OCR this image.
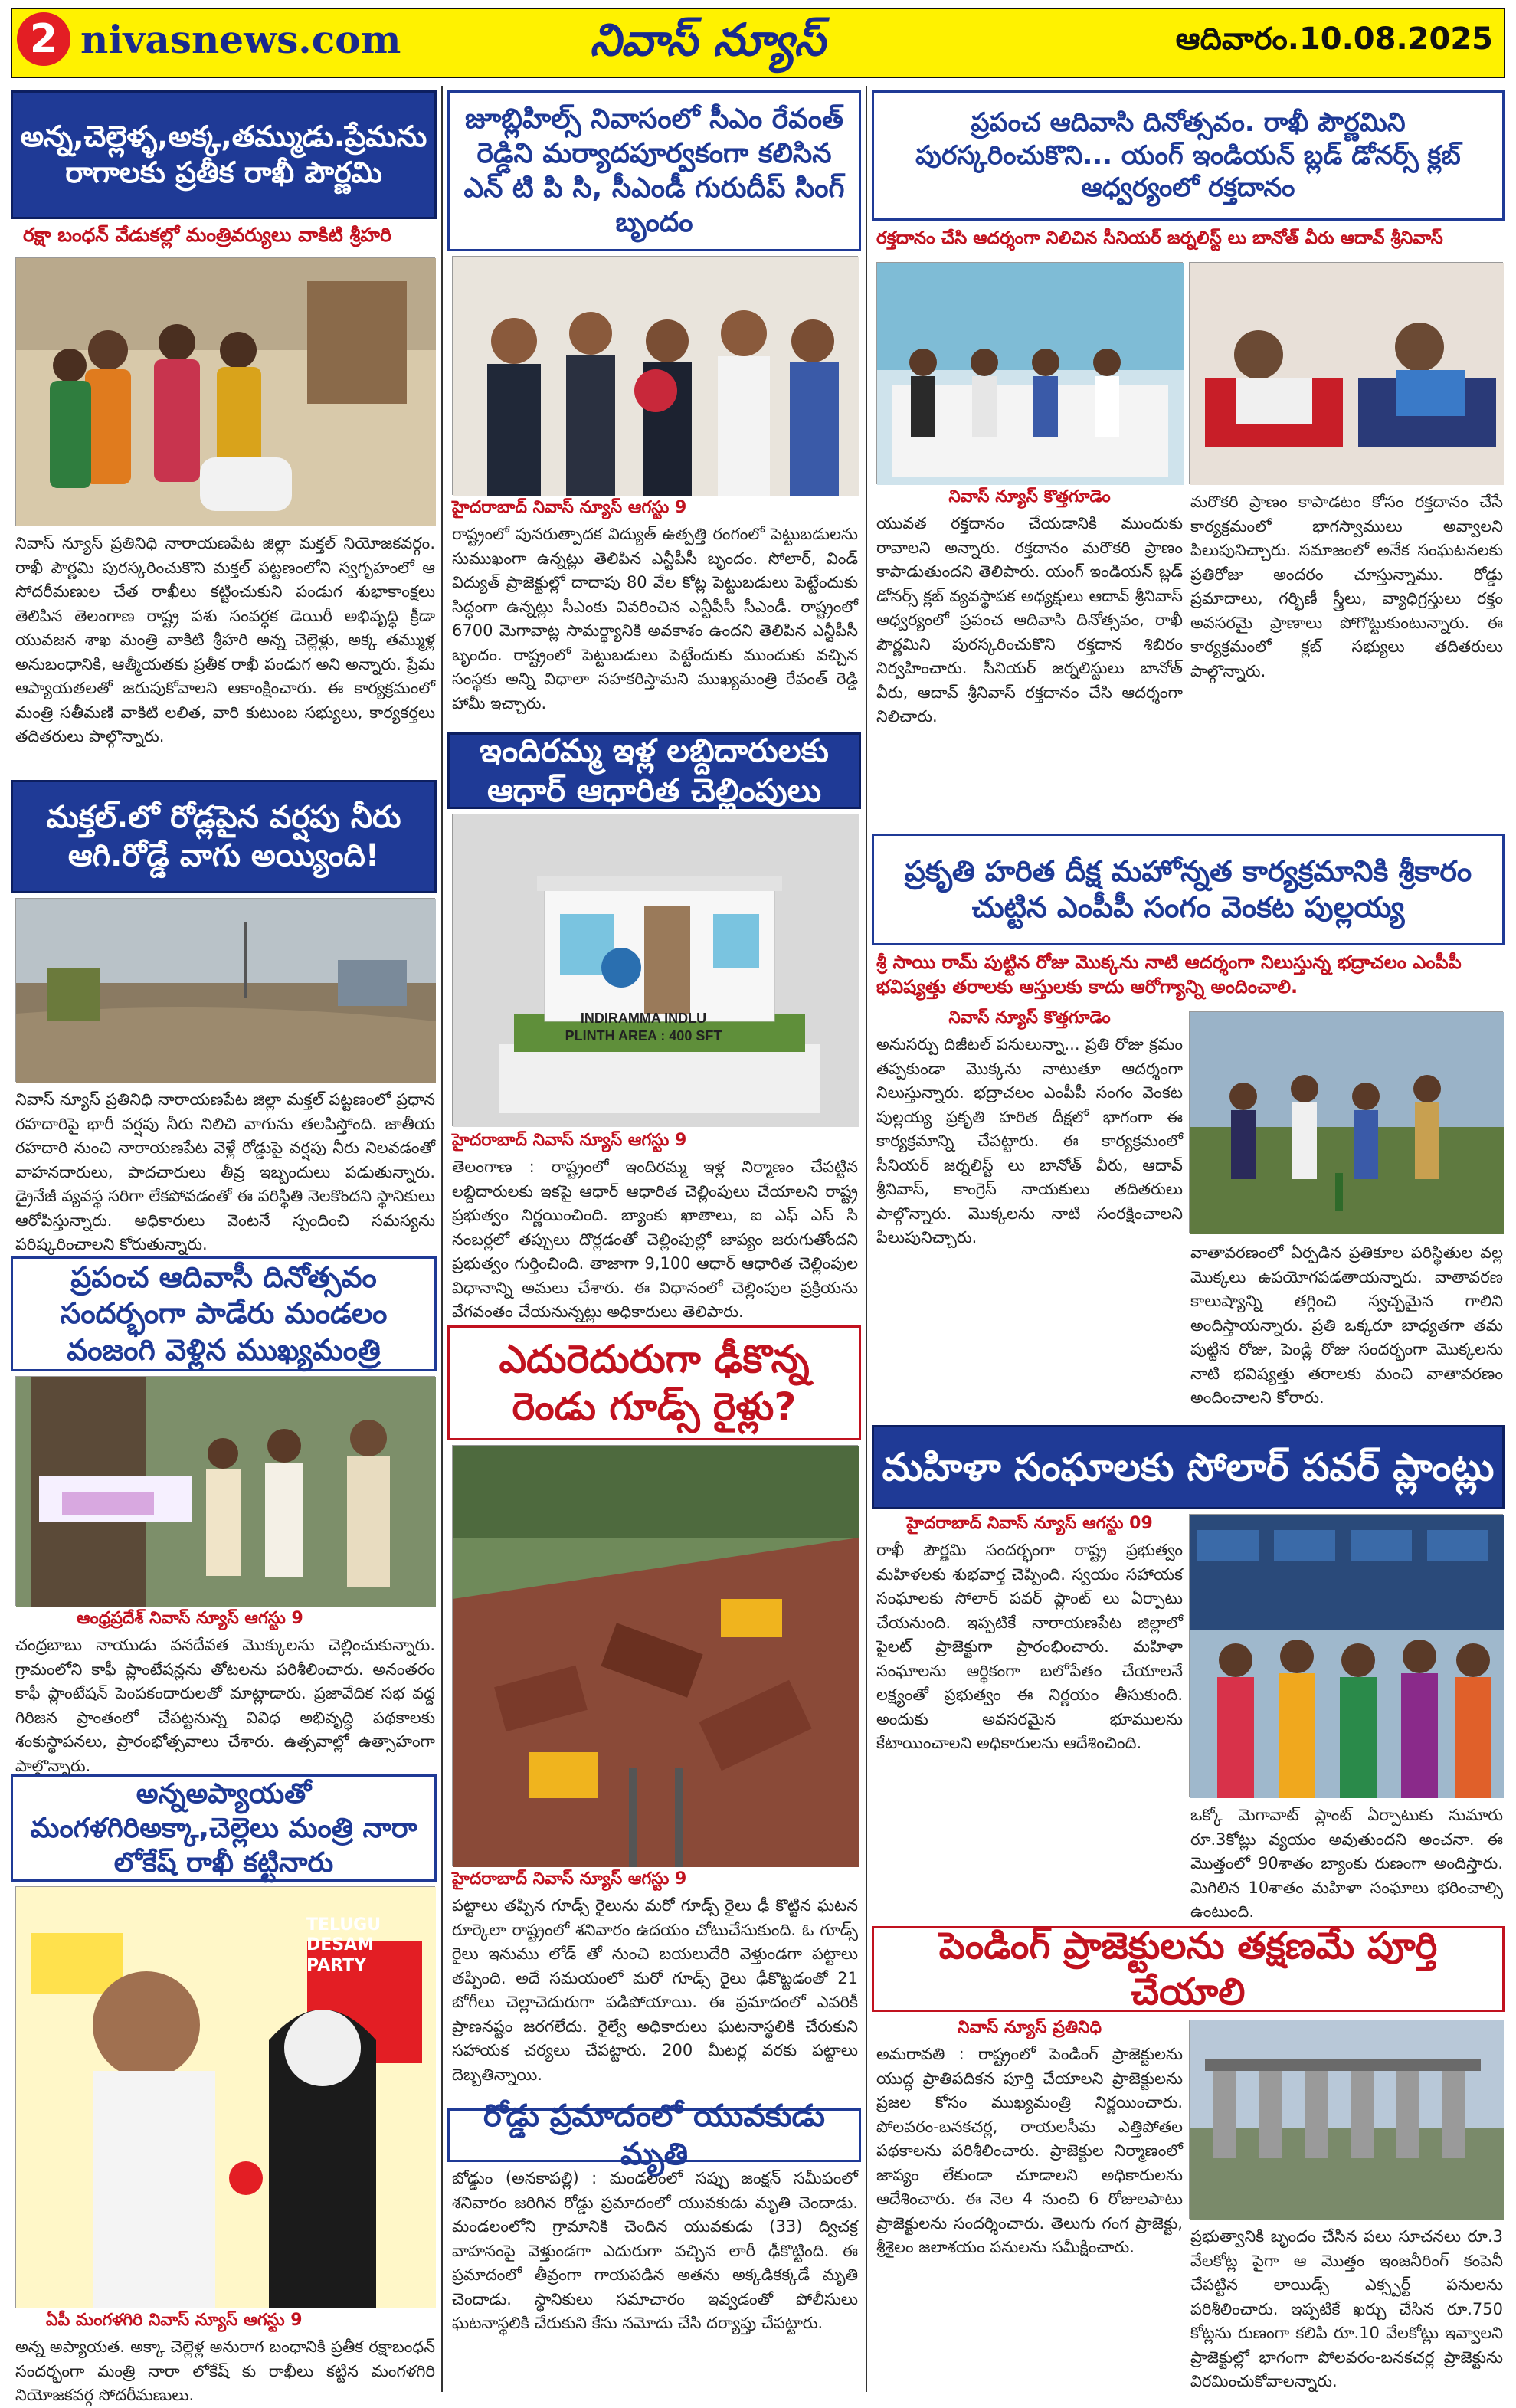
2 nivasnews.com	నివాస్ న్యూస్	ఆదివారం.10.08.2025
అన్న,చెల్లెళ్ళ,అక్క,తమ్ముడు.ప్రేమను రాగాలకు ప్రతీక రాఖీ పౌర్ణమి
రక్షా బంధన్ వేడుకల్లో మంత్రివర్యులు వాకిటి శ్రీహరి
నివాస్ న్యూస్ ప్రతినిధి నారాయణపేట జిల్లా మక్తల్ నియోజకవర్గం. రాఖీ పౌర్ణమి పురస్కరించుకొని మక్తల్ పట్టణంలోని స్వగృహంలో ఆ సోదరీమణుల చేత రాఖీలు కట్టించుకుని పండుగ శుభాకాంక్షలు తెలిపిన తెలంగాణ రాష్ట్ర పశు సంవర్ధక డెయిరీ అభివృద్ధి క్రీడా యువజన శాఖ మంత్రి వాకిటి శ్రీహరి అన్న చెల్లెళ్లు, అక్క తమ్ముళ్ల అనుబంధానికి, ఆత్మీయతకు ప్రతీక రాఖీ పండుగ అని అన్నారు. ప్రేమ ఆప్యాయతలతో జరుపుకోవాలని ఆకాంక్షించారు. ఈ కార్యక్రమంలో మంత్రి సతీమణి వాకిటి లలిత, వారి కుటుంబ సభ్యులు, కార్యకర్తలు తదితరులు పాల్గొన్నారు.
మక్తల్.లో రోడ్లపైన వర్షపు నీరు ఆగి.రోడ్డే వాగు అయ్యింది!
నివాస్ న్యూస్ ప్రతినిధి నారాయణపేట జిల్లా మక్తల్ పట్టణంలో ప్రధాన రహదారిపై భారీ వర్షపు నీరు నిలిచి వాగును తలపిస్తోంది. జాతీయ రహదారి నుంచి నారాయణపేట వెళ్లే రోడ్డుపై వర్షపు నీరు నిలవడంతో వాహనదారులు, పాదచారులు తీవ్ర ఇబ్బందులు పడుతున్నారు. డ్రైనేజీ వ్యవస్థ సరిగా లేకపోవడంతో ఈ పరిస్థితి నెలకొందని స్థానికులు ఆరోపిస్తున్నారు. అధికారులు వెంటనే స్పందించి సమస్యను పరిష్కరించాలని కోరుతున్నారు.
ప్రపంచ ఆదివాసీ దినోత్సవం సందర్భంగా పాడేరు మండలం వంజంగి వెళ్లిన ముఖ్యమంత్రి
ఆంధ్రప్రదేశ్ నివాస్ న్యూస్ ఆగస్టు 9
చంద్రబాబు నాయుడు వనదేవత మొక్కులను చెల్లించుకున్నారు. గ్రామంలోని కాఫీ ప్లాంటేషన్లను తోటలను పరిశీలించారు. అనంతరం కాఫీ ప్లాంటేషన్ పెంపకందారులతో మాట్లాడారు. ప్రజావేదిక సభ వద్ద గిరిజన ప్రాంతంలో చేపట్టనున్న వివిధ అభివృద్ధి పథకాలకు శంకుస్థాపనలు, ప్రారంభోత్సవాలు చేశారు. ఉత్సవాల్లో ఉత్సాహంగా పాల్గొన్నారు.
అన్నఅప్యాయతో మంగళగిరిఅక్కా,చెల్లెలు మంత్రి నారా లోకేష్ రాఖీ కట్టినారు
TELUGU DESAM PARTY
ఏపీ మంగళగిరి నివాస్ న్యూస్ ఆగస్టు 9
అన్న అప్యాయత. అక్కా చెల్లెళ్ల అనురాగ బంధానికి ప్రతీక రక్షాబంధన్ సందర్భంగా మంత్రి నారా లోకేష్ కు రాఖీలు కట్టిన మంగళగిరి నియోజకవర్గ సోదరీమణులు.
జూబ్లిహిల్స్ నివాసంలో సీఎం రేవంత్ రెడ్డిని మర్యాదపూర్వకంగా కలిసిన ఎన్ టి పి సి, సీఎండీ గురుదీప్ సింగ్ బృందం
హైదరాబాద్ నివాస్ న్యూస్ ఆగస్టు 9
రాష్ట్రంలో పునరుత్పాదక విద్యుత్ ఉత్పత్తి రంగంలో పెట్టుబడులను సుముఖంగా ఉన్నట్లు తెలిపిన ఎన్టీపీసీ బృందం. సోలార్, విండ్ విద్యుత్ ప్రాజెక్టుల్లో దాదాపు 80 వేల కోట్ల పెట్టుబడులు పెట్టేందుకు సిద్ధంగా ఉన్నట్లు సీఎంకు వివరించిన ఎన్టీపీసీ సీఎండీ. రాష్ట్రంలో 6700 మెగావాట్ల సామర్థ్యానికి అవకాశం ఉందని తెలిపిన ఎన్టీపీసీ బృందం. రాష్ట్రంలో పెట్టుబడులు పెట్టేందుకు ముందుకు వచ్చిన సంస్థకు అన్ని విధాలా సహకరిస్తామని ముఖ్యమంత్రి రేవంత్ రెడ్డి హామీ ఇచ్చారు.
ఇందిరమ్మ ఇళ్ల లబ్దిదారులకు ఆధార్ ఆధారిత చెల్లింపులు
INDIRAMMA INDLU
PLINTH AREA : 400 SFT
హైదరాబాద్ నివాస్ న్యూస్ ఆగస్టు 9
తెలంగాణ : రాష్ట్రంలో ఇందిరమ్మ ఇళ్ల నిర్మాణం చేపట్టిన లబ్దిదారులకు ఇకపై ఆధార్ ఆధారిత చెల్లింపులు చేయాలని రాష్ట్ర ప్రభుత్వం నిర్ణయించింది. బ్యాంకు ఖాతాలు, ఐ ఎఫ్ ఎస్ సి నంబర్లలో తప్పులు దొర్లడంతో చెల్లింపుల్లో జాప్యం జరుగుతోందని ప్రభుత్వం గుర్తించింది. తాజాగా 9,100 ఆధార్ ఆధారిత చెల్లింపుల విధానాన్ని అమలు చేశారు. ఈ విధానంలో చెల్లింపుల ప్రక్రియను వేగవంతం చేయనున్నట్లు అధికారులు తెలిపారు.
ఎదురెదురుగా ఢీకొన్న రెండు గూడ్స్ రైళ్లు?
హైదరాబాద్ నివాస్ న్యూస్ ఆగస్టు 9
పట్టాలు తప్పిన గూడ్స్ రైలును మరో గూడ్స్ రైలు ఢీ కొట్టిన ఘటన రూర్కెలా రాష్ట్రంలో శనివారం ఉదయం చోటుచేసుకుంది. ఓ గూడ్స్ రైలు ఇనుము లోడ్ తో నుంచి బయలుదేరి వెళ్తుండగా పట్టాలు తప్పింది. అదే సమయంలో మరో గూడ్స్ రైలు ఢీకొట్టడంతో 21 బోగీలు చెల్లాచెదురుగా పడిపోయాయి. ఈ ప్రమాదంలో ఎవరికీ ప్రాణనష్టం జరగలేదు. రైల్వే అధికారులు ఘటనాస్థలికి చేరుకుని సహాయక చర్యలు చేపట్టారు. 200 మీటర్ల వరకు పట్టాలు దెబ్బతిన్నాయి.
రోడ్డు ప్రమాదంలో యువకుడు మృతి
బోడ్డుం (అనకాపల్లి) : మండలంలో సప్పు జంక్షన్ సమీపంలో శనివారం జరిగిన రోడ్డు ప్రమాదంలో యువకుడు మృతి చెందాడు. మండలంలోని గ్రామానికి చెందిన యువకుడు (33) ద్విచక్ర వాహనంపై వెళ్తుండగా ఎదురుగా వచ్చిన లారీ ఢీకొట్టింది. ఈ ప్రమాదంలో తీవ్రంగా గాయపడిన అతను అక్కడికక్కడే మృతి చెందాడు. స్థానికులు సమాచారం ఇవ్వడంతో పోలీసులు ఘటనాస్థలికి చేరుకుని కేసు నమోదు చేసి దర్యాప్తు చేపట్టారు.
ప్రపంచ ఆదివాసి దినోత్సవం. రాఖీ పౌర్ణమిని పురస్కరించుకొని... యంగ్ ఇండియన్ బ్లడ్ డోనర్స్ క్లబ్ ఆధ్వర్యంలో రక్తదానం
రక్తదానం చేసి ఆదర్శంగా నిలిచిన సీనియర్ జర్నలిస్ట్ లు బానోత్ వీరు ఆదావ్ శ్రీనివాస్
నివాస్ న్యూస్ కొత్తగూడెం
యువత రక్తదానం చేయడానికి ముందుకు రావాలని అన్నారు. రక్తదానం మరొకరి ప్రాణం కాపాడుతుందని తెలిపారు. యంగ్ ఇండియన్ బ్లడ్ డోనర్స్ క్లబ్ వ్యవస్థాపక అధ్యక్షులు ఆదావ్ శ్రీనివాస్ ఆధ్వర్యంలో ప్రపంచ ఆదివాసి దినోత్సవం, రాఖీ పౌర్ణమిని పురస్కరించుకొని రక్తదాన శిబిరం నిర్వహించారు. సీనియర్ జర్నలిస్టులు బానోత్ వీరు, ఆదావ్ శ్రీనివాస్ రక్తదానం చేసి ఆదర్శంగా నిలిచారు.
మరొకరి ప్రాణం కాపాడటం కోసం రక్తదానం చేసే కార్యక్రమంలో భాగస్వాములు అవ్వాలని పిలుపునిచ్చారు. సమాజంలో అనేక సంఘటనలకు ప్రతిరోజు అందరం చూస్తున్నాము. రోడ్డు ప్రమాదాలు, గర్భిణీ స్త్రీలు, వ్యాధిగ్రస్తులు రక్తం అవసరమై ప్రాణాలు పోగొట్టుకుంటున్నారు. ఈ కార్యక్రమంలో క్లబ్ సభ్యులు తదితరులు పాల్గొన్నారు.
ప్రకృతి హరిత దీక్ష మహోన్నత కార్యక్రమానికి శ్రీకారం చుట్టిన ఎంపీపీ సంగం వెంకట పుల్లయ్య
శ్రీ సాయి రామ్ పుట్టిన రోజు మొక్కను నాటి ఆదర్శంగా నిలుస్తున్న భద్రాచలం ఎంపీపీ భవిష్యత్తు తరాలకు ఆస్తులకు కాదు ఆరోగ్యాన్ని అందించాలి.
నివాస్ న్యూస్ కొత్తగూడెం
అనుసర్పు దిజీటల్ పనులున్నా... ప్రతి రోజు క్రమం తప్పకుండా మొక్కను నాటుతూ ఆదర్శంగా నిలుస్తున్నారు. భద్రాచలం ఎంపీపీ సంగం వెంకట పుల్లయ్య ప్రకృతి హరిత దీక్షలో భాగంగా ఈ కార్యక్రమాన్ని చేపట్టారు. ఈ కార్యక్రమంలో సీనియర్ జర్నలిస్ట్ లు బానోత్ వీరు, ఆదావ్ శ్రీనివాస్, కాంగ్రెస్ నాయకులు తదితరులు పాల్గొన్నారు. మొక్కలను నాటి సంరక్షించాలని పిలుపునిచ్చారు.
వాతావరణంలో ఏర్పడిన ప్రతికూల పరిస్థితుల వల్ల మొక్కలు ఉపయోగపడతాయన్నారు. వాతావరణ కాలుష్యాన్ని తగ్గించి స్వచ్ఛమైన గాలిని అందిస్తాయన్నారు. ప్రతి ఒక్కరూ బాధ్యతగా తమ పుట్టిన రోజు, పెండ్లి రోజు సందర్భంగా మొక్కలను నాటి భవిష్యత్తు తరాలకు మంచి వాతావరణం అందించాలని కోరారు.
మహిళా సంఘాలకు సోలార్ పవర్ ప్లాంట్లు
హైదరాబాద్ నివాస్ న్యూస్ ఆగస్టు 09
రాఖీ పౌర్ణమి సందర్భంగా రాష్ట్ర ప్రభుత్వం మహిళలకు శుభవార్త చెప్పింది. స్వయం సహాయక సంఘాలకు సోలార్ పవర్ ప్లాంట్ లు ఏర్పాటు చేయనుంది. ఇప్పటికే నారాయణపేట జిల్లాలో పైలట్ ప్రాజెక్టుగా ప్రారంభించారు. మహిళా సంఘాలను ఆర్థికంగా బలోపేతం చేయాలనే లక్ష్యంతో ప్రభుత్వం ఈ నిర్ణయం తీసుకుంది. అందుకు అవసరమైన భూములను కేటాయించాలని అధికారులను ఆదేశించింది.
ఒక్కో మెగావాట్ ప్లాంట్ ఏర్పాటుకు సుమారు రూ.3కోట్లు వ్యయం అవుతుందని అంచనా. ఈ మొత్తంలో 90శాతం బ్యాంకు రుణంగా అందిస్తారు. మిగిలిన 10శాతం మహిళా సంఘాలు భరించాల్సి ఉంటుంది.
పెండింగ్ ప్రాజెక్టులను తక్షణమే పూర్తి చేయాలి
నివాస్ న్యూస్ ప్రతినిధి
అమరావతి : రాష్ట్రంలో పెండింగ్ ప్రాజెక్టులను యుద్ధ ప్రాతిపదికన పూర్తి చేయాలని ప్రాజెక్టులను ప్రజల కోసం ముఖ్యమంత్రి నిర్ణయించారు. పోలవరం-బనకచర్ల, రాయలసీమ ఎత్తిపోతల పథకాలను పరిశీలించారు. ప్రాజెక్టుల నిర్మాణంలో జాప్యం లేకుండా చూడాలని అధికారులను ఆదేశించారు. ఈ నెల 4 నుంచి 6 రోజులపాటు ప్రాజెక్టులను సందర్శించారు. తెలుగు గంగ ప్రాజెక్టు, శ్రీశైలం జలాశయం పనులను సమీక్షించారు.
ప్రభుత్వానికి బృందం చేసిన పలు సూచనలు రూ.3 వేలకోట్ల పైగా ఆ మొత్తం ఇంజనీరింగ్ కంపెనీ చేపట్టిన లాయిడ్స్ ఎక్స్పర్ట్ పనులను పరిశీలించారు. ఇప్పటికే ఖర్చు చేసిన రూ.750 కోట్లను రుణంగా కలిపి రూ.10 వేలకోట్లు ఇవ్వాలని ప్రాజెక్టుల్లో భాగంగా పోలవరం-బనకచర్ల ప్రాజెక్టును విరమించుకోవాలన్నారు.
